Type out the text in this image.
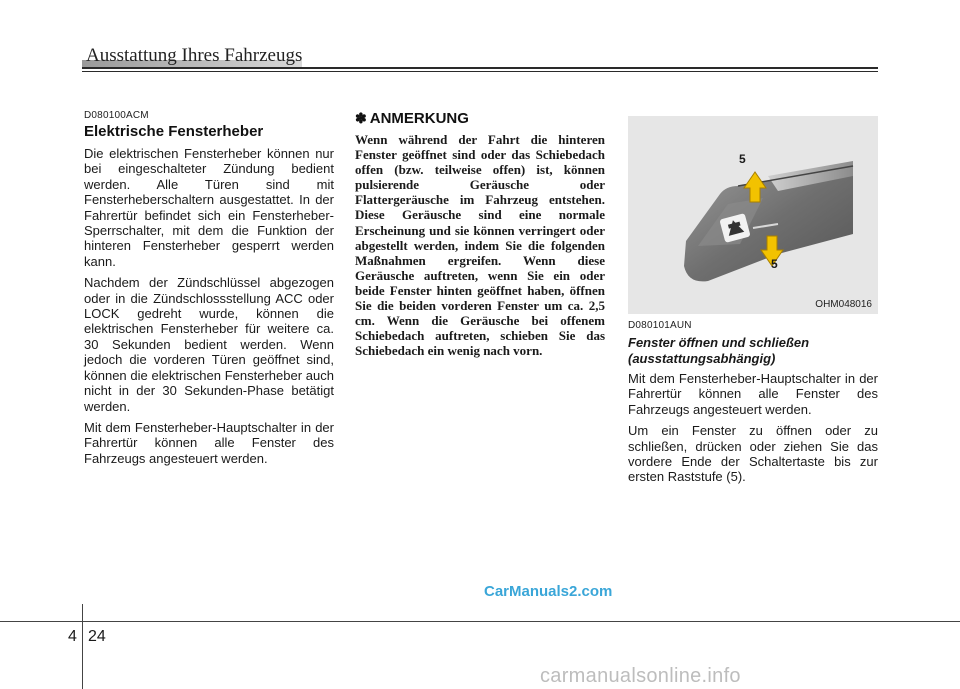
Ausstattung Ihres Fahrzeugs
D080100ACM
Elektrische Fensterheber

Die elektrischen Fensterheber können nur bei eingeschalteter Zündung bedient werden. Alle Türen sind mit Fensterheberschaltern ausgestattet. In der Fahrertür befindet sich ein Fensterheber-Sperrschalter, mit dem die Funktion der hinteren Fensterheber gesperrt werden kann.

Nachdem der Zündschlüssel abgezogen oder in die Zündschlossstellung ACC oder LOCK gedreht wurde, können die elektrischen Fensterheber für weitere ca. 30 Sekunden bedient werden. Wenn jedoch die vorderen Türen geöffnet sind, können die elektrischen Fensterheber auch nicht in der 30 Sekunden-Phase betätigt werden.

Mit dem Fensterheber-Hauptschalter in der Fahrertür können alle Fenster des Fahrzeugs angesteuert werden.

✽ ANMERKUNG

Wenn während der Fahrt die hinteren Fenster geöffnet sind oder das Schiebedach offen (bzw. teilweise offen) ist, können pulsierende Geräusche oder Flattergeräusche im Fahrzeug entstehen. Diese Geräusche sind eine normale Erscheinung und sie können verringert oder abgestellt werden, indem Sie die folgenden Maßnahmen ergreifen. Wenn diese Geräusche auftreten, wenn Sie ein oder beide Fenster hinten geöffnet haben, öffnen Sie die beiden vorderen Fenster um ca. 2,5 cm. Wenn die Geräusche bei offenem Schiebedach auftreten, schieben Sie das Schiebedach ein wenig nach vorn.

5
5
OHM048016
D080101AUN
Fenster öffnen und schließen (ausstattungsabhängig)

Mit dem Fensterheber-Hauptschalter in der Fahrertür können alle Fenster des Fahrzeugs angesteuert werden.

Um ein Fenster zu öffnen oder zu schließen, drücken oder ziehen Sie das vordere Ende der Schaltertaste bis zur ersten Raststufe (5).

CarManuals2.com
4 24
carmanualsonline.info
